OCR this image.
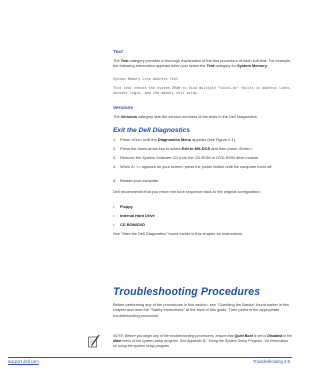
Test
The Test category provides a thorough explanation of the test procedure of each sub-test. For example, the following information appears when you select the Test category for System Memory:
System Memory Line Address Test
This test checks the system DRAM to find multiple "stuck-at" faults in address lines, decoder logic, and the memory cell array.
Versions
The Versions category lists the version numbers of the tests in the Dell Diagnostics.
Exit the Dell Diagnostics
1. Press <Esc> until the Diagnostics Menu appears (see Figure 2-1).
2. Press the down-arrow key to select Exit to MS-DOS and then press <Enter>.
3. Remove the System Software CD from the CD-ROM or DVD-ROM drive module.
4. When A:\> appears on your screen, press the power button until the computer turns off.
5. Restart your computer.
Dell recommends that you return the boot sequence back to the original configuration:
• Floppy
• Internal Hard Drive
• CD ROM/DVD
See "Start the Dell Diagnostics" found earlier in this chapter for instructions.
Troubleshooting Procedures
Before performing any of the procedures in this section, see "Checking the Basics" found earlier in this chapter and read the "Safety Instructions" at the front of this guide. Then perform the appropriate troubleshooting procedure.
NOTE: Before you begin any of the troubleshooting procedures, ensure that Quiet Boot is set to Disabled in the Main menu of the system setup program. See Appendix B, "Using the System Setup Program," for information on using the system setup program.
support.dell.com	Troubleshooting 2-9
